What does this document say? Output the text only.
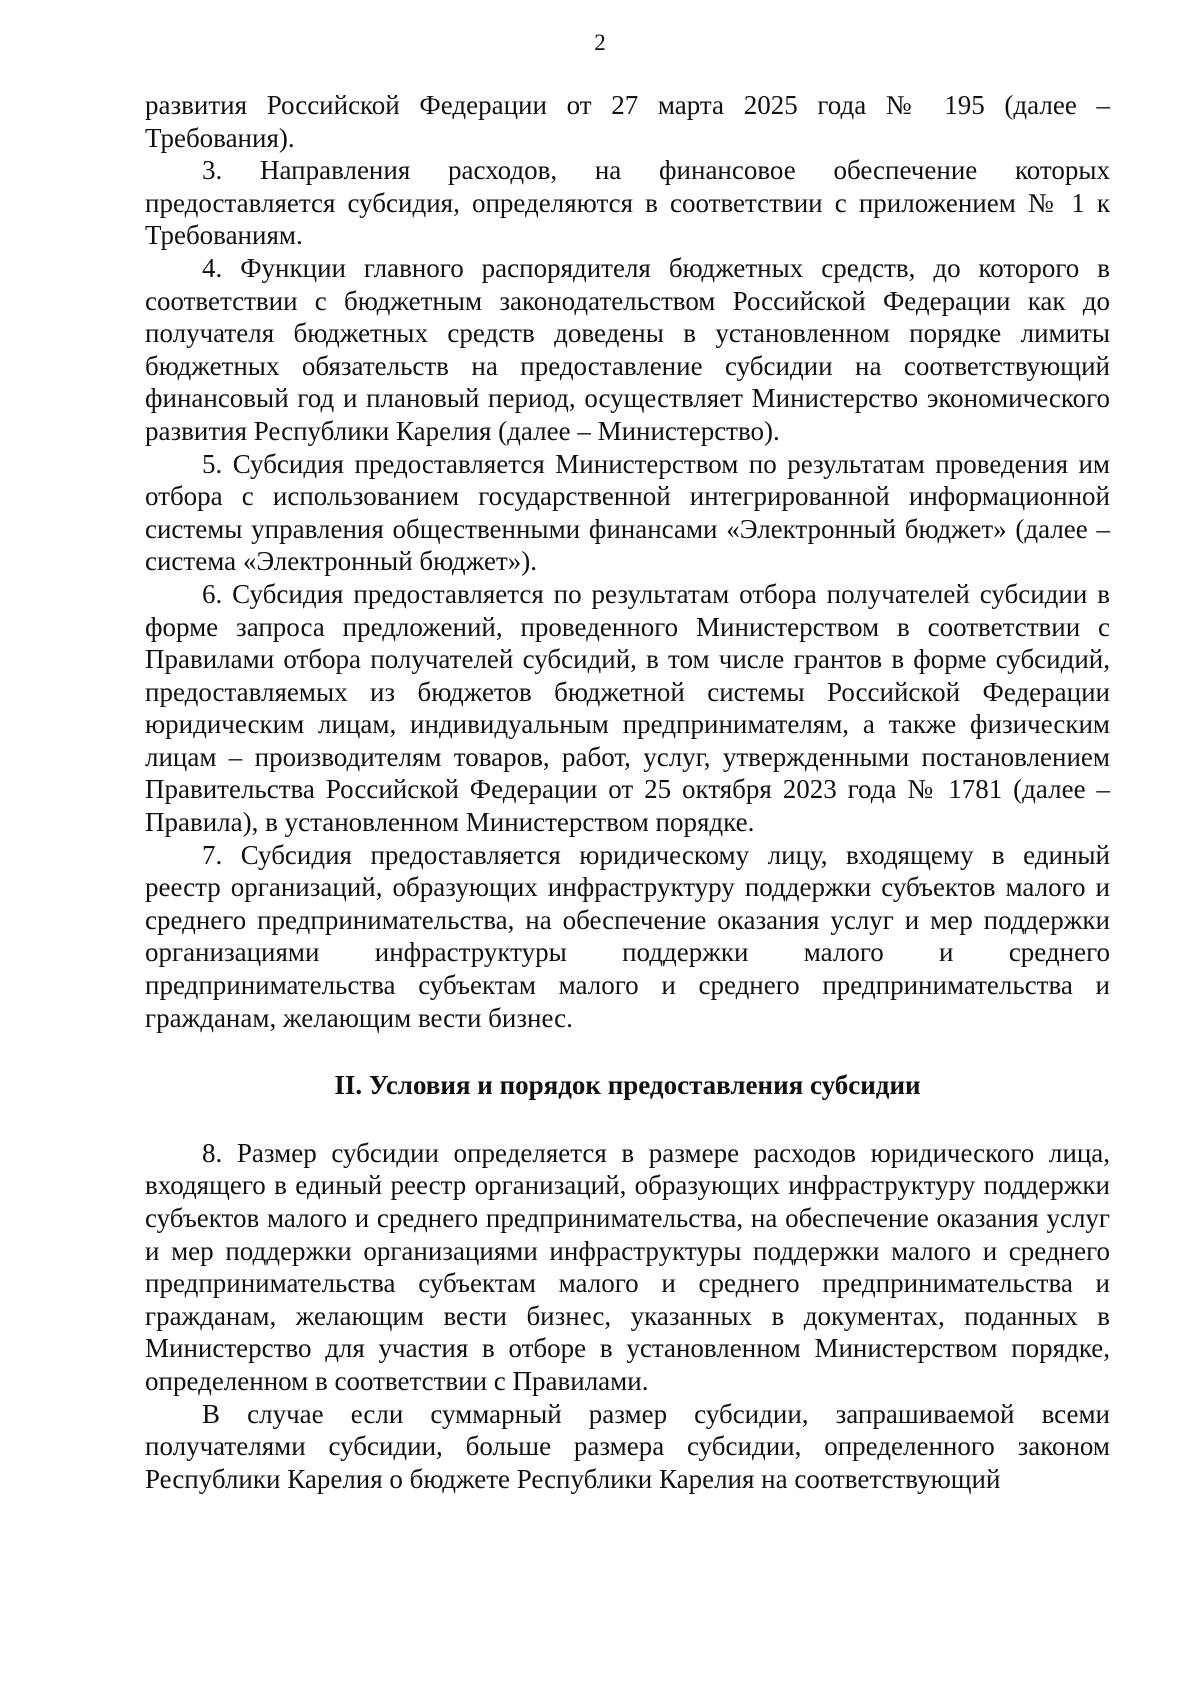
2

развития Российской Федерации от 27 марта 2025 года № 195 (далее – Требования).

3. Направления расходов, на финансовое обеспечение которых предоставляется субсидия, определяются в соответствии с приложением № 1 к Требованиям.

4. Функции главного распорядителя бюджетных средств, до которого в соответствии с бюджетным законодательством Российской Федерации как до получателя бюджетных средств доведены в установленном порядке лимиты бюджетных обязательств на предоставление субсидии на соответствующий финансовый год и плановый период, осуществляет Министерство экономического развития Республики Карелия (далее – Министерство).

5. Субсидия предоставляется Министерством по результатам проведения им отбора с использованием государственной интегрированной информационной системы управления общественными финансами «Электронный бюджет» (далее – система «Электронный бюджет»).

6. Субсидия предоставляется по результатам отбора получателей субсидии в форме запроса предложений, проведенного Министерством в соответствии с Правилами отбора получателей субсидий, в том числе грантов в форме субсидий, предоставляемых из бюджетов бюджетной системы Российской Федерации юридическим лицам, индивидуальным предпринимателям, а также физическим лицам – производителям товаров, работ, услуг, утвержденными постановлением Правительства Российской Федерации от 25 октября 2023 года № 1781 (далее – Правила), в установленном Министерством порядке.

7. Субсидия предоставляется юридическому лицу, входящему в единый реестр организаций, образующих инфраструктуру поддержки субъектов малого и среднего предпринимательства, на обеспечение оказания услуг и мер поддержки организациями инфраструктуры поддержки малого и среднего предпринимательства субъектам малого и среднего предпринимательства и гражданам, желающим вести бизнес.

II. Условия и порядок предоставления субсидии

8. Размер субсидии определяется в размере расходов юридического лица, входящего в единый реестр организаций, образующих инфраструктуру поддержки субъектов малого и среднего предпринимательства, на обеспечение оказания услуг и мер поддержки организациями инфраструктуры поддержки малого и среднего предпринимательства субъектам малого и среднего предпринимательства и гражданам, желающим вести бизнес, указанных в документах, поданных в Министерство для участия в отборе в установленном Министерством порядке, определенном в соответствии с Правилами.

В случае если суммарный размер субсидии, запрашиваемой всеми получателями субсидии, больше размера субсидии, определенного законом Республики Карелия о бюджете Республики Карелия на соответствующий
